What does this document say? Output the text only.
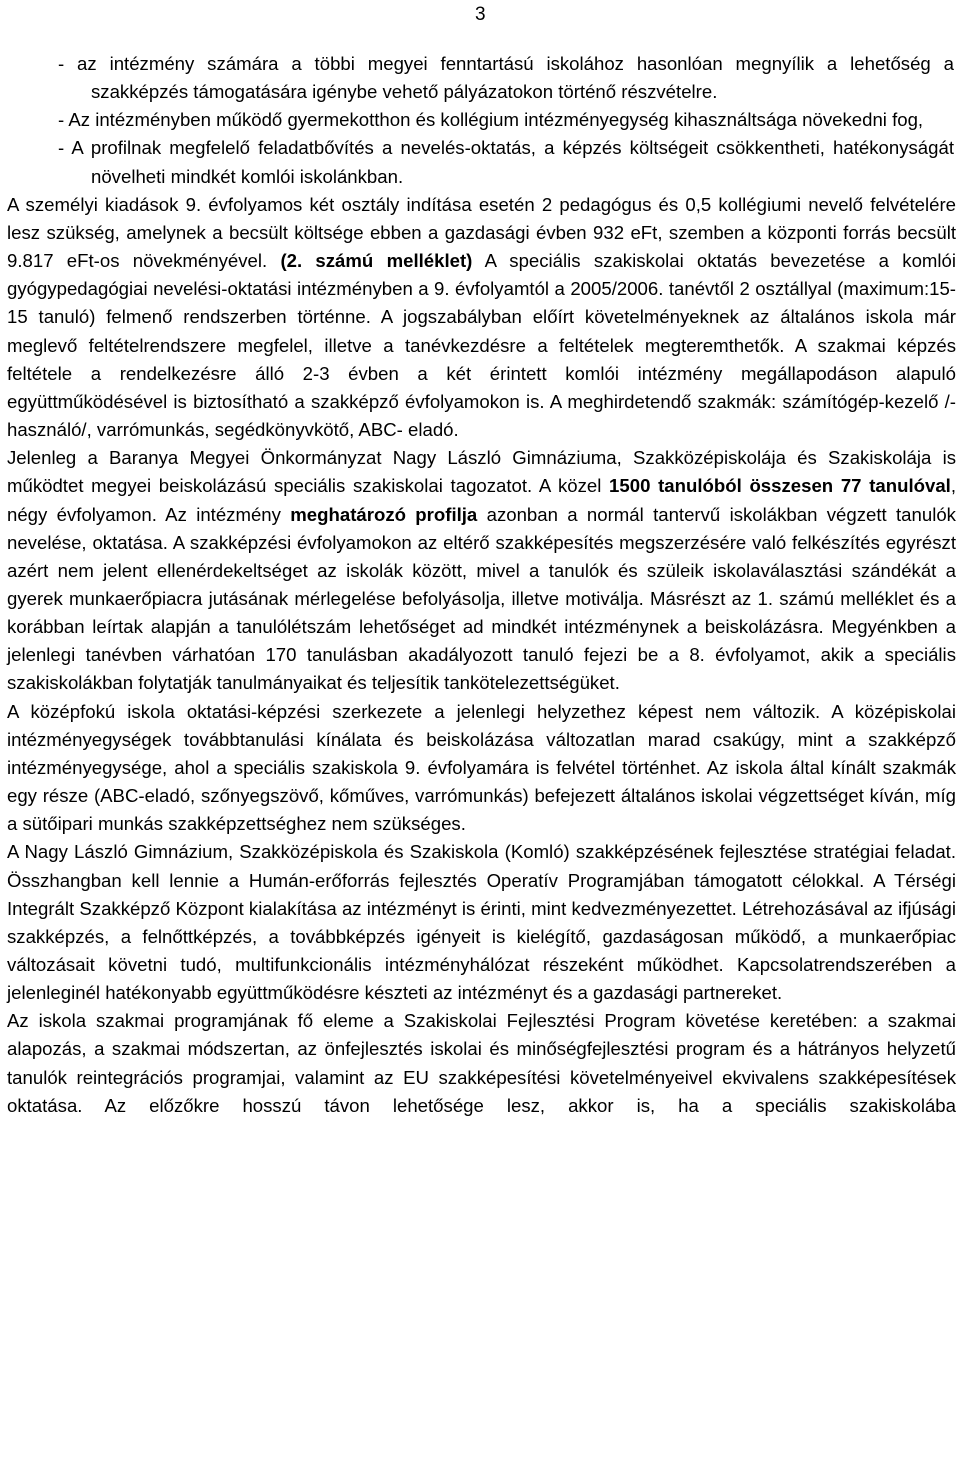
3

- az intézmény számára a többi megyei fenntartású iskolához hasonlóan megnyílik a lehetőség a szakképzés támogatására igénybe vehető pályázatokon történő részvételre.

- Az intézményben működő gyermekotthon és kollégium intézményegység kihasználtsága növekedni fog,

- A profilnak megfelelő feladatbővítés a nevelés-oktatás, a képzés költségeit csökkentheti, hatékonyságát növelheti mindkét komlói iskolánkban.

A személyi kiadások 9. évfolyamos két osztály indítása esetén 2 pedagógus és 0,5 kollégiumi nevelő felvételére lesz szükség, amelynek a becsült költsége ebben a gazdasági évben 932 eFt, szemben a központi forrás becsült 9.817 eFt-os növekményével. (2. számú melléklet) A speciális szakiskolai oktatás bevezetése a komlói gyógypedagógiai nevelési-oktatási intézményben a 9. évfolyamtól a 2005/2006. tanévtől 2 osztállyal (maximum:15-15 tanuló) felmenő rendszerben történne. A jogszabályban előírt követelményeknek az általános iskola már meglevő feltételrendszere megfelel, illetve a tanévkezdésre a feltételek megteremthetők. A szakmai képzés feltétele a rendelkezésre álló 2-3 évben a két érintett komlói intézmény megállapodáson alapuló együttműködésével is biztosítható a szakképző évfolyamokon is. A meghirdetendő szakmák: számítógép-kezelő /-használó/, varrómunkás, segédkönyvkötő, ABC- eladó.

Jelenleg a Baranya Megyei Önkormányzat Nagy László Gimnáziuma, Szakközépiskolája és Szakiskolája is működtet megyei beiskolázású speciális szakiskolai tagozatot. A közel 1500 tanulóból összesen 77 tanulóval, négy évfolyamon. Az intézmény meghatározó profilja azonban a normál tantervű iskolákban végzett tanulók nevelése, oktatása. A szakképzési évfolyamokon az eltérő szakképesítés megszerzésére való felkészítés egyrészt azért nem jelent ellenérdekeltséget az iskolák között, mivel a tanulók és szüleik iskolaválasztási szándékát a gyerek munkaerőpiacra jutásának mérlegelése befolyásolja, illetve motiválja. Másrészt az 1. számú melléklet és a korábban leírtak alapján a tanulólétszám lehetőséget ad mindkét intézménynek a beiskolázásra. Megyénkben a jelenlegi tanévben várhatóan 170 tanulásban akadályozott tanuló fejezi be a 8. évfolyamot, akik a speciális szakiskolákban folytatják tanulmányaikat és teljesítik tankötelezettségüket.

A középfokú iskola oktatási-képzési szerkezete a jelenlegi helyzethez képest nem változik. A középiskolai intézményegységek továbbtanulási kínálata és beiskolázása változatlan marad csakúgy, mint a szakképző intézményegysége, ahol a speciális szakiskola 9. évfolyamára is felvétel történhet. Az iskola által kínált szakmák egy része (ABC-eladó, szőnyegszövő, kőműves, varrómunkás) befejezett általános iskolai végzettséget kíván, míg a sütőipari munkás szakképzettséghez nem szükséges.

A Nagy László Gimnázium, Szakközépiskola és Szakiskola (Komló) szakképzésének fejlesztése stratégiai feladat. Összhangban kell lennie a Humán-erőforrás fejlesztés Operatív Programjában támogatott célokkal. A Térségi Integrált Szakképző Központ kialakítása az intézményt is érinti, mint kedvezményezettet. Létrehozásával az ifjúsági szakképzés, a felnőttképzés, a továbbképzés igényeit is kielégítő, gazdaságosan működő, a munkaerőpiac változásait követni tudó, multifunkcionális intézményhálózat részeként működhet. Kapcsolatrendszerében a jelenleginél hatékonyabb együttműködésre készteti az intézményt és a gazdasági partnereket.

Az iskola szakmai programjának fő eleme a Szakiskolai Fejlesztési Program követése keretében: a szakmai alapozás, a szakmai módszertan, az önfejlesztés iskolai és minőségfejlesztési program és a hátrányos helyzetű tanulók reintegrációs programjai, valamint az EU szakképesítési követelményeivel ekvivalens szakképesítések oktatása. Az előzőkre hosszú távon lehetősége lesz, akkor is, ha a speciális szakiskolába
